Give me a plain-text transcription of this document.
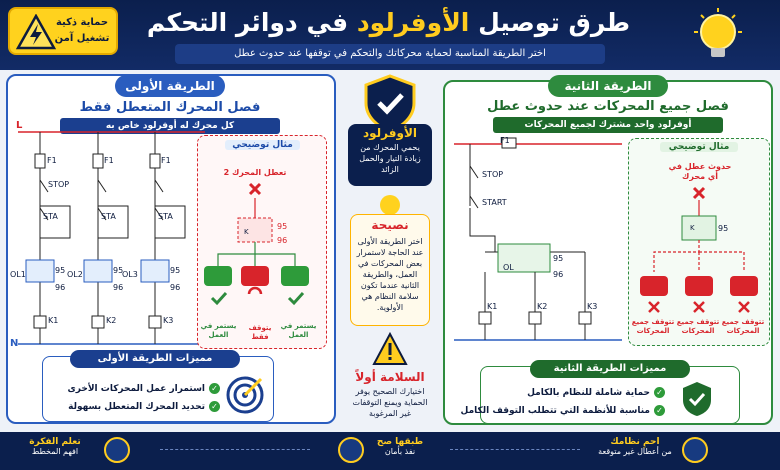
طرق توصيل الأوفرلود في دوائر التحكم
اختر الطريقة المناسبة لحماية محركاتك والتحكم في توقفها عند حدوث عطل
حماية ذكية تشغيل آمن
الطريقة الأولى
فصل المحرك المتعطل فقط
كل محرك له أوفرلود خاص به
L
N
F1	F1	F1
STOP
STA	STA	STA
OL1	OL2	OL3
95
96
95
96
95
96
K1	K2	K3
مثال توضيحي
تعطل المحرك 2
K
95
96
يستمر في العمل
يتوقف فقط
يستمر في العمل
مميزات الطريقة الأولى
✓استمرار عمل المحركات الأخرى
✓تحديد المحرك المتعطل بسهولة
الأوفرلود
يحمي المحرك من زيادة التيار والحمل الزائد
نصيحة
اختر الطريقة الأولى عند الحاجة لاستمرار بعض المحركات في العمل، والطريقة الثانية عندما تكون سلامة النظام هي الأولوية.
السلامة أولاً
اختيارك الصحيح يوفر الحماية ويمنع التوقفات غير المرغوبة
الطريقة الثانية
فصل جميع المحركات عند حدوث عطل
أوفرلود واحد مشترك لجميع المحركات
F1
STOP
START
OL
95
96
K1	K2	K3
مثال توضيحي
حدوث عطل في أي محرك
K	95
تتوقف جميع المحركات
تتوقف جميع المحركات
تتوقف جميع المحركات
مميزات الطريقة الثانية
✓حماية شاملة للنظام بالكامل
✓مناسبة للأنظمة التي تتطلب التوقف الكامل
احمِ نظامك
من أعطال غير متوقعة
طبقها صح
نفذ بأمان
تعلم الفكرة
افهم المخطط
